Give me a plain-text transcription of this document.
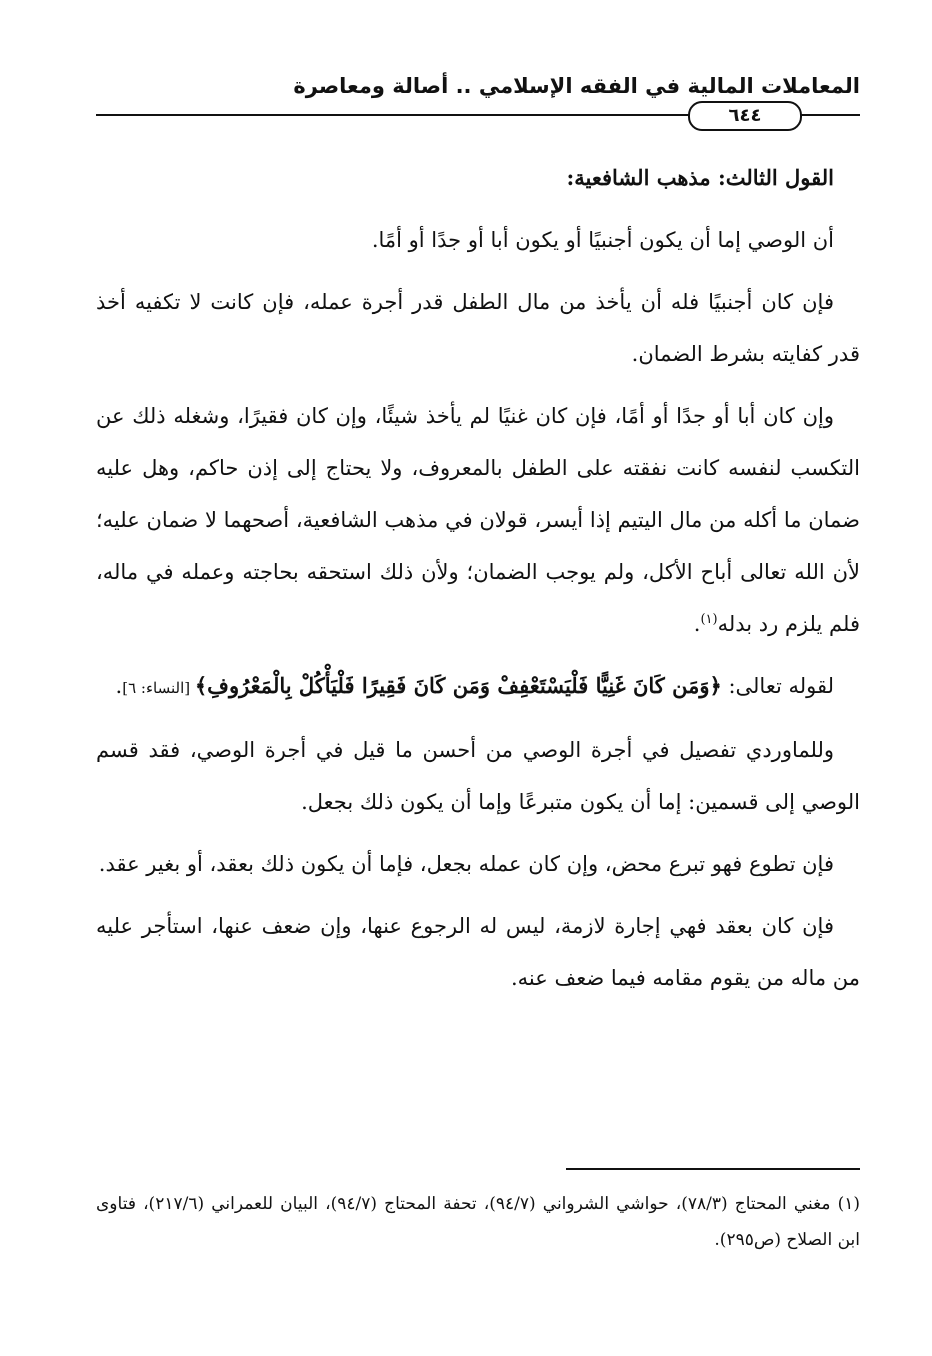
المعاملات المالية في الفقه الإسلامي .. أصالة ومعاصرة
٦٤٤
القول الثالث: مذهب الشافعية:

أن الوصي إما أن يكون أجنبيًا أو يكون أبا أو جدًا أو أمًا.

فإن كان أجنبيًا فله أن يأخذ من مال الطفل قدر أجرة عمله، فإن كانت لا تكفيه أخذ قدر كفايته بشرط الضمان.

وإن كان أبا أو جدًا أو أمًا، فإن كان غنيًا لم يأخذ شيئًا، وإن كان فقيرًا، وشغله ذلك عن التكسب لنفسه كانت نفقته على الطفل بالمعروف، ولا يحتاج إلى إذن حاكم، وهل عليه ضمان ما أكله من مال اليتيم إذا أيسر، قولان في مذهب الشافعية، أصحهما لا ضمان عليه؛ لأن الله تعالى أباح الأكل، ولم يوجب الضمان؛ ولأن ذلك استحقه بحاجته وعمله في ماله، فلم يلزم رد بدله$^{(١)}$.

لقوله تعالى: ﴿وَمَن كَانَ غَنِيًّا فَلْيَسْتَعْفِفْ وَمَن كَانَ فَقِيرًا فَلْيَأْكُلْ بِالْمَعْرُوفِ﴾ [النساء: ٦].

وللماوردي تفصيل في أجرة الوصي من أحسن ما قيل في أجرة الوصي، فقد قسم الوصي إلى قسمين: إما أن يكون متبرعًا وإما أن يكون ذلك بجعل.

فإن تطوع فهو تبرع محض، وإن كان عمله بجعل، فإما أن يكون ذلك بعقد، أو بغير عقد.

فإن كان بعقد فهي إجارة لازمة، ليس له الرجوع عنها، وإن ضعف عنها، استأجر عليه من ماله من يقوم مقامه فيما ضعف عنه.

(١) مغني المحتاج (٧٨/٣)، حواشي الشرواني (٩٤/٧)، تحفة المحتاج (٩٤/٧)، البيان للعمراني (٢١٧/٦)، فتاوى ابن الصلاح (ص٢٩٥).
